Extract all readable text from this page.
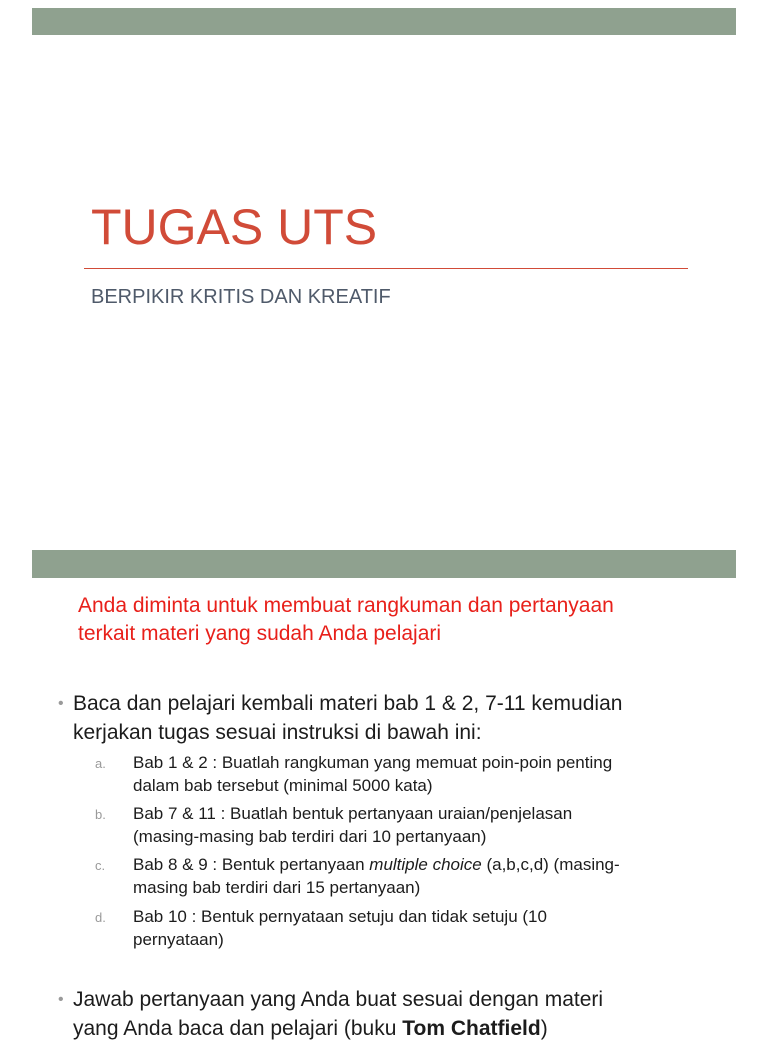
TUGAS UTS
BERPIKIR KRITIS DAN KREATIF

Anda diminta untuk membuat rangkuman dan pertanyaan
terkait materi yang sudah Anda pelajari

• Baca dan pelajari kembali materi bab 1 & 2, 7-11 kemudian
kerjakan tugas sesuai instruksi di bawah ini:
a. Bab 1 & 2 : Buatlah rangkuman yang memuat poin-poin penting
dalam bab tersebut (minimal 5000 kata)
b. Bab 7 & 11 : Buatlah bentuk pertanyaan uraian/penjelasan
(masing-masing bab terdiri dari 10 pertanyaan)
c. Bab 8 & 9 : Bentuk pertanyaan multiple choice (a,b,c,d) (masing-
masing bab terdiri dari 15 pertanyaan)
d. Bab 10 : Bentuk pernyataan setuju dan tidak setuju (10
pernyataan)
• Jawab pertanyaan yang Anda buat sesuai dengan materi
yang Anda baca dan pelajari (buku Tom Chatfield)
